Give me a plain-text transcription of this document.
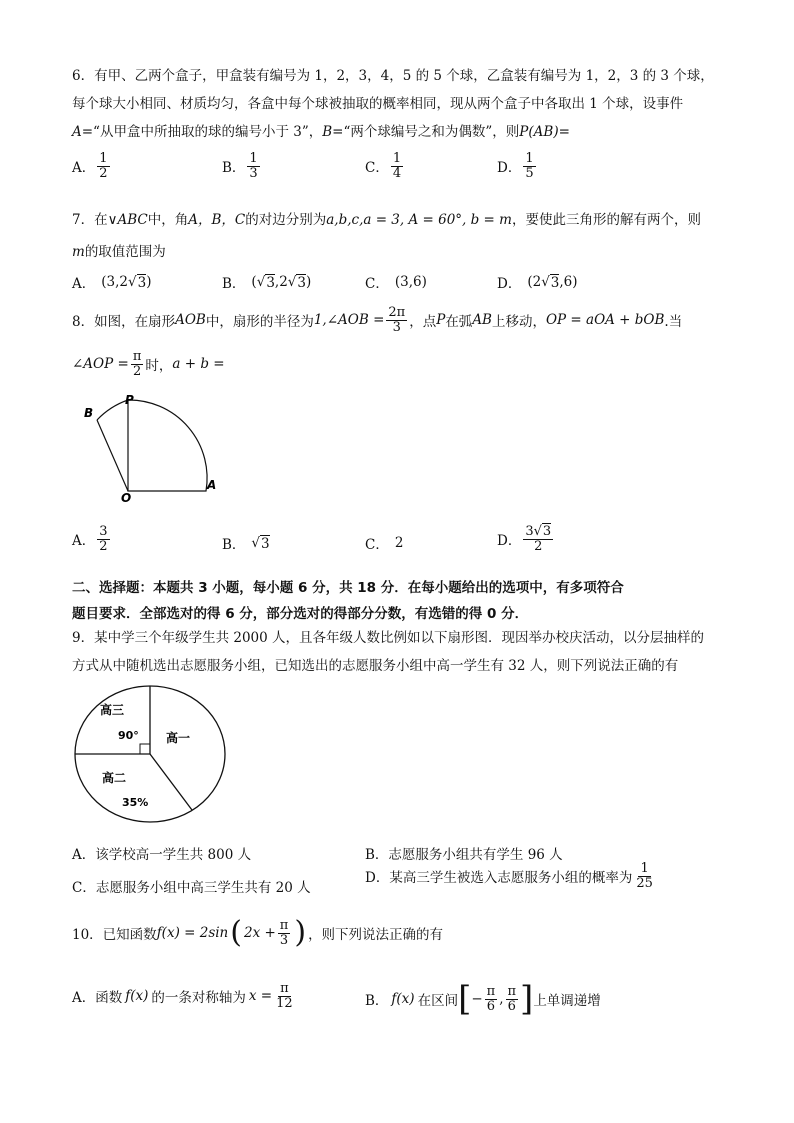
6．有甲、乙两个盒子，甲盒装有编号为 1，2，3，4，5 的 5 个球，乙盒装有编号为 1，2，3 的 3 个球，
每个球大小相同、材质均匀，各盒中每个球被抽取的概率相同，现从两个盒子中各取出 1 个球，设事件
A=“从甲盒中所抽取的球的编号小于 3”，B=“两个球编号之和为偶数”，则P(AB)=
A． $\frac{1}{2}$	B． $\frac{1}{3}$	C． $\frac{1}{4}$	D． $\frac{1}{5}$
7．在∨ABC中，角A，B，C的对边分别为a,b,c,a = 3, A = 60°, b = m，要使此三角形的解有两个，则
m的取值范围为
A． (3,2 √ 3 )	B． ( √ 3 ,2 √ 3 )	C． (3,6)	D． (2 √ 3 ,6)
8．如图，在扇形 AOB 中，扇形的半径为 1,∠AOB = $\frac{2\pi}{3}$ ，点 P 在弧 AB 上移动， OP = aOA + bOB .当
∠AOP = $\frac{\pi}{2}$ 时， a + b =
B
P
O
A
A． $\frac{3}{2}$	B． √ 3	C． 2	D． $\frac{3√3}{2}$
二、选择题：本题共 3 小题，每小题 6 分，共 18 分．在每小题给出的选项中，有多项符合
题目要求．全部选对的得 6 分，部分选对的得部分分数，有选错的得 0 分．
9．某中学三个年级学生共 2000 人，且各年级人数比例如以下扇形图．现因举办校庆活动，以分层抽样的
方式从中随机选出志愿服务小组，已知选出的志愿服务小组中高一学生有 32 人，则下列说法正确的有
高三
90° 高一
高二
35%
A．该学校高一学生共 800 人	B．志愿服务小组共有学生 96 人
C．志愿服务小组中高三学生共有 20 人
D． 某高三学生被选入志愿服务小组的概率为 $\frac{1}{25}$
10．已知函数 f(x) = 2sin ( $2x + \frac{\pi}{3}$ ) ，则下列说法正确的有
A． 函数 f(x) 的一条对称轴为 $x = \frac{\pi}{12}$	B． f(x) 在区间 [ − $\frac{\pi}{6}$ , $\frac{\pi}{6}$ ] 上单调递增
